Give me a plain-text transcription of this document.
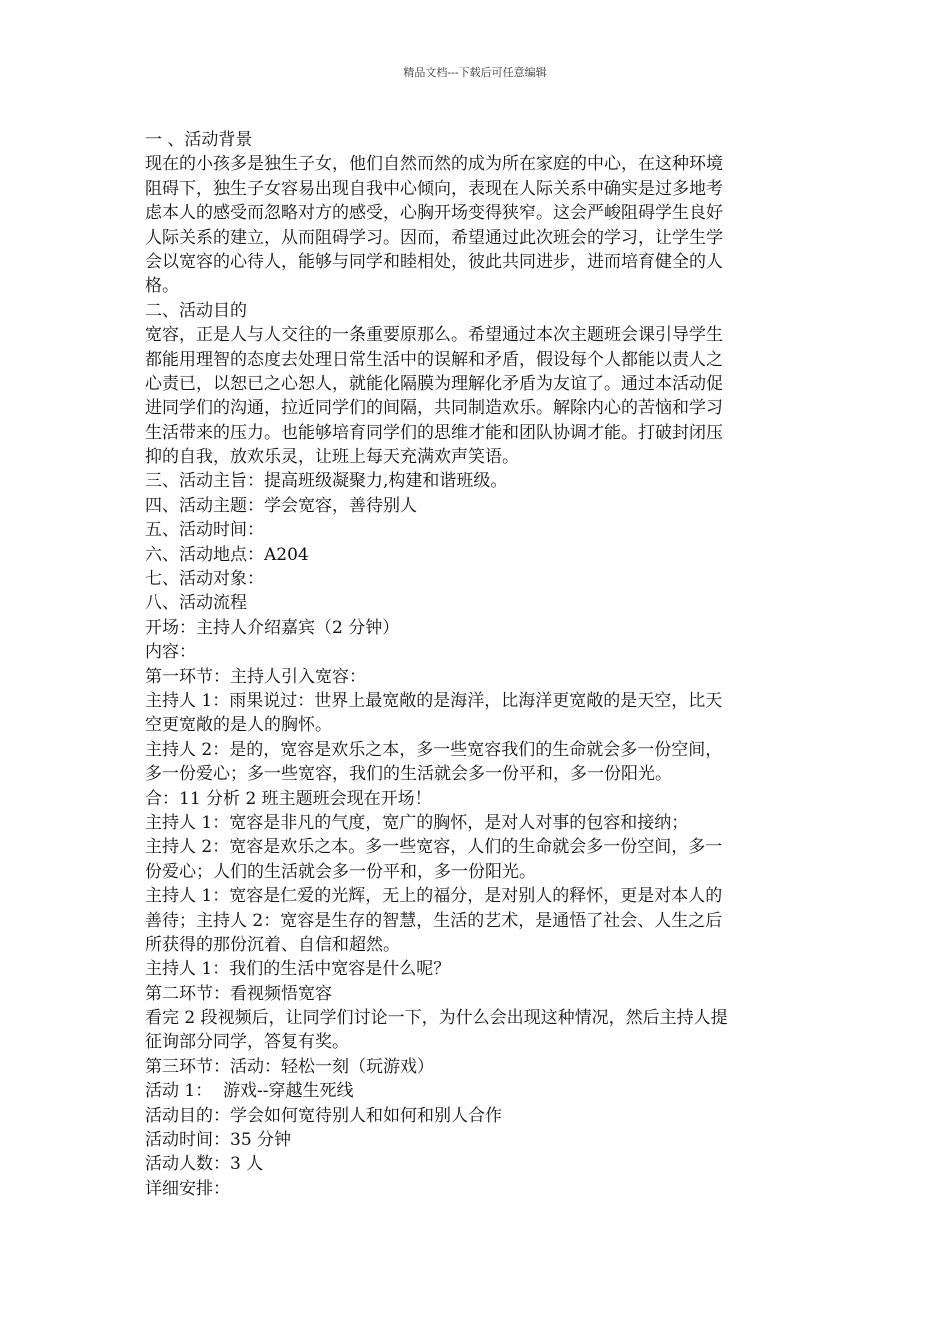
精品文档---下载后可任意编辑
一 、活动背景
现在的小孩多是独生子女，他们自然而然的成为所在家庭的中心，在这种环境
阻碍下，独生子女容易出现自我中心倾向，表现在人际关系中确实是过多地考
虑本人的感受而忽略对方的感受，心胸开场变得狭窄。这会严峻阻碍学生良好
人际关系的建立，从而阻碍学习。因而，希望通过此次班会的学习，让学生学
会以宽容的心待人，能够与同学和睦相处，彼此共同进步，进而培育健全的人
格。
二、活动目的
宽容，正是人与人交往的一条重要原那么。希望通过本次主题班会课引导学生
都能用理智的态度去处理日常生活中的误解和矛盾，假设每个人都能以责人之
心责已，以恕已之心恕人，就能化隔膜为理解化矛盾为友谊了。通过本活动促
进同学们的沟通，拉近同学们的间隔，共同制造欢乐。解除内心的苦恼和学习
生活带来的压力。也能够培育同学们的思维才能和团队协调才能。打破封闭压
抑的自我，放欢乐灵，让班上每天充满欢声笑语。
三、活动主旨：提高班级凝聚力,构建和谐班级。
四、活动主题：学会宽容，善待别人
五、活动时间：
六、活动地点：A204
七、活动对象：
八、活动流程
开场：主持人介绍嘉宾（2 分钟）
内容：
第一环节：主持人引入宽容：
主持人 1：雨果说过：世界上最宽敞的是海洋，比海洋更宽敞的是天空，比天
空更宽敞的是人的胸怀。
主持人 2：是的，宽容是欢乐之本，多一些宽容我们的生命就会多一份空间，
多一份爱心；多一些宽容，我们的生活就会多一份平和，多一份阳光。
合：11 分析 2 班主题班会现在开场！
主持人 1：宽容是非凡的气度，宽广的胸怀，是对人对事的包容和接纳；
主持人 2：宽容是欢乐之本。多一些宽容，人们的生命就会多一份空间，多一
份爱心；人们的生活就会多一份平和，多一份阳光。
主持人 1：宽容是仁爱的光辉，无上的福分，是对别人的释怀，更是对本人的
善待；主持人 2：宽容是生存的智慧，生活的艺术，是通悟了社会、人生之后
所获得的那份沉着、自信和超然。
主持人 1：我们的生活中宽容是什么呢？
第二环节：看视频悟宽容
看完 2 段视频后，让同学们讨论一下，为什么会出现这种情况，然后主持人提
征询部分同学，答复有奖。
第三环节：活动：轻松一刻（玩游戏）
活动 1：  游戏--穿越生死线
活动目的：学会如何宽待别人和如何和别人合作
活动时间：35 分钟
活动人数：3 人
详细安排：
